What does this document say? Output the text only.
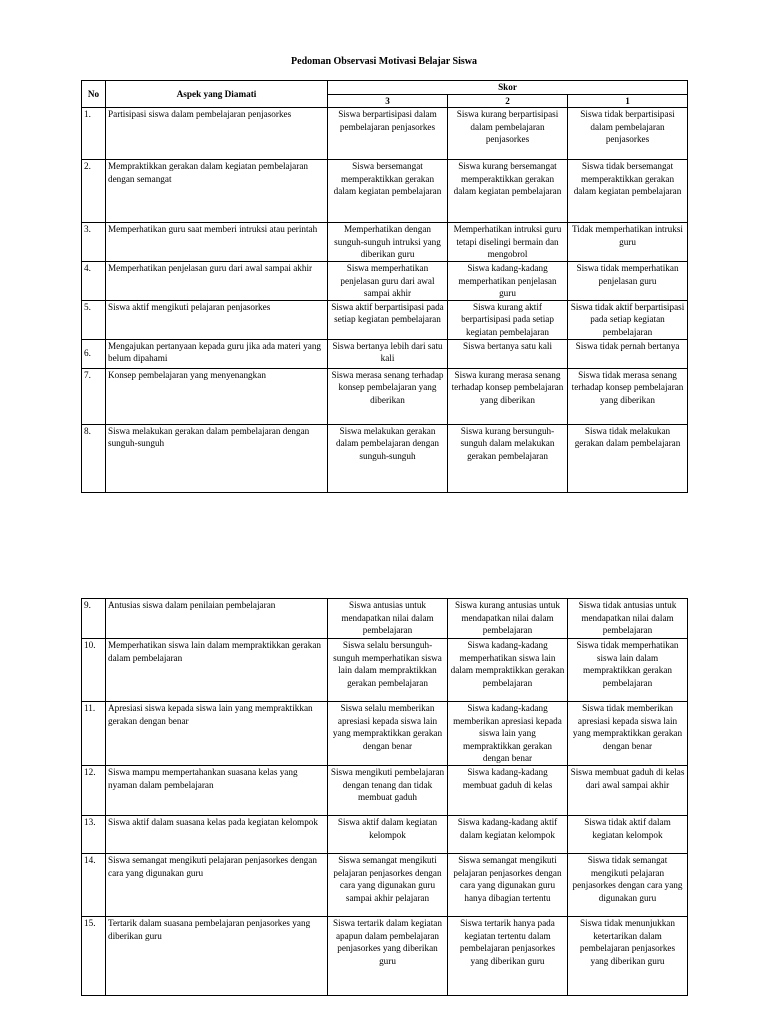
Pedoman Observasi Motivasi Belajar Siswa
No	Aspek yang Diamati	Skor		
		3	2	1
1.	Partisipasi siswa dalam pembelajaran penjasorkes	Siswa berpartisipasi dalam pembelajaran penjasorkes	Siswa kurang berpartisipasi dalam pembelajaran penjasorkes	Siswa tidak berpartisipasi dalam pembelajaran penjasorkes
2.	Mempraktikkan gerakan dalam kegiatan pembelajaran dengan semangat	Siswa bersemangat memperaktikkan gerakan dalam kegiatan pembelajaran	Siswa kurang bersemangat memperaktikkan gerakan dalam kegiatan pembelajaran	Siswa tidak bersemangat memperaktikkan gerakan dalam kegiatan pembelajaran
3.	Memperhatikan guru saat memberi intruksi atau perintah	Memperhatikan dengan sunguh-sunguh intruksi yang diberikan guru	Memperhatikan intruksi guru tetapi diselingi bermain dan mengobrol	Tidak memperhatikan intruksi guru
4.	Memperhatikan penjelasan guru dari awal sampai akhir	Siswa memperhatikan penjelasan guru dari awal sampai akhir	Siswa kadang-kadang memperhatikan penjelasan guru	Siswa tidak memperhatikan penjelasan guru
5.	Siswa aktif mengikuti pelajaran penjasorkes	Siswa aktif berpartisipasi pada setiap kegiatan pembelajaran	Siswa kurang aktif berpartisipasi pada setiap kegiatan pembelajaran	Siswa tidak aktif berpartisipasi pada setiap kegiatan pembelajaran
6.	Mengajukan pertanyaan kepada guru jika ada materi yang belum dipahami	Siswa bertanya lebih dari satu kali	Siswa bertanya satu kali	Siswa tidak pernah bertanya
7.	Konsep pembelajaran yang menyenangkan	Siswa merasa senang terhadap konsep pembelajaran yang diberikan	Siswa kurang merasa senang terhadap konsep pembelajaran yang diberikan	Siswa tidak merasa senang terhadap konsep pembelajaran yang diberikan
8.	Siswa melakukan gerakan dalam pembelajaran dengan sunguh-sunguh	Siswa melakukan gerakan dalam pembelajaran dengan sunguh-sunguh	Siswa kurang bersunguh-sunguh dalam melakukan gerakan pembelajaran	Siswa tidak melakukan gerakan dalam pembelajaran
9.	Antusias siswa dalam penilaian pembelajaran	Siswa antusias untuk mendapatkan nilai dalam pembelajaran	Siswa kurang antusias untuk mendapatkan nilai dalam pembelajaran	Siswa tidak antusias untuk mendapatkan nilai dalam pembelajaran
10.	Memperhatikan siswa lain dalam mempraktikkan gerakan dalam pembelajaran	Siswa selalu bersunguh-sunguh memperhatikan siswa lain dalam mempraktikkan gerakan pembelajaran	Siswa kadang-kadang memperhatikan siswa lain dalam mempraktikkan gerakan pembelajaran	Siswa tidak memperhatikan siswa lain dalam mempraktikkan gerakan pembelajaran
11.	Apresiasi siswa kepada siswa lain yang mempraktikkan gerakan dengan benar	Siswa selalu memberikan apresiasi kepada siswa lain yang mempraktikkan gerakan dengan benar	Siswa kadang-kadang memberikan apresiasi kepada siswa lain yang mempraktikkan gerakan dengan benar	Siswa tidak memberikan apresiasi kepada siswa lain yang mempraktikkan gerakan dengan benar
12.	Siswa mampu mempertahankan suasana kelas yang nyaman dalam pembelajaran	Siswa mengikuti pembelajaran dengan tenang dan tidak membuat gaduh	Siswa kadang-kadang membuat gaduh di kelas	Siswa membuat gaduh di kelas dari awal sampai akhir
13.	Siswa aktif dalam suasana kelas pada kegiatan kelompok	Siswa aktif dalam kegiatan kelompok	Siswa kadang-kadang aktif dalam kegiatan kelompok	Siswa tidak aktif dalam kegiatan kelompok
14.	Siswa semangat mengikuti pelajaran penjasorkes dengan cara yang digunakan guru	Siswa semangat mengikuti pelajaran penjasorkes dengan cara yang digunakan guru sampai akhir pelajaran	Siswa semangat mengikuti pelajaran penjasorkes dengan cara yang digunakan guru hanya dibagian tertentu	Siswa tidak semangat mengikuti pelajaran penjasorkes dengan cara yang digunakan guru
15.	Tertarik dalam suasana pembelajaran penjasorkes yang diberikan guru	Siswa tertarik dalam kegiatan apapun dalam pembelajaran penjasorkes yang diberikan guru	Siswa tertarik hanya pada kegiatan tertentu dalam pembelajaran penjasorkes yang diberikan guru	Siswa tidak menunjukkan ketertarikan dalam pembelajaran penjasorkes yang diberikan guru
